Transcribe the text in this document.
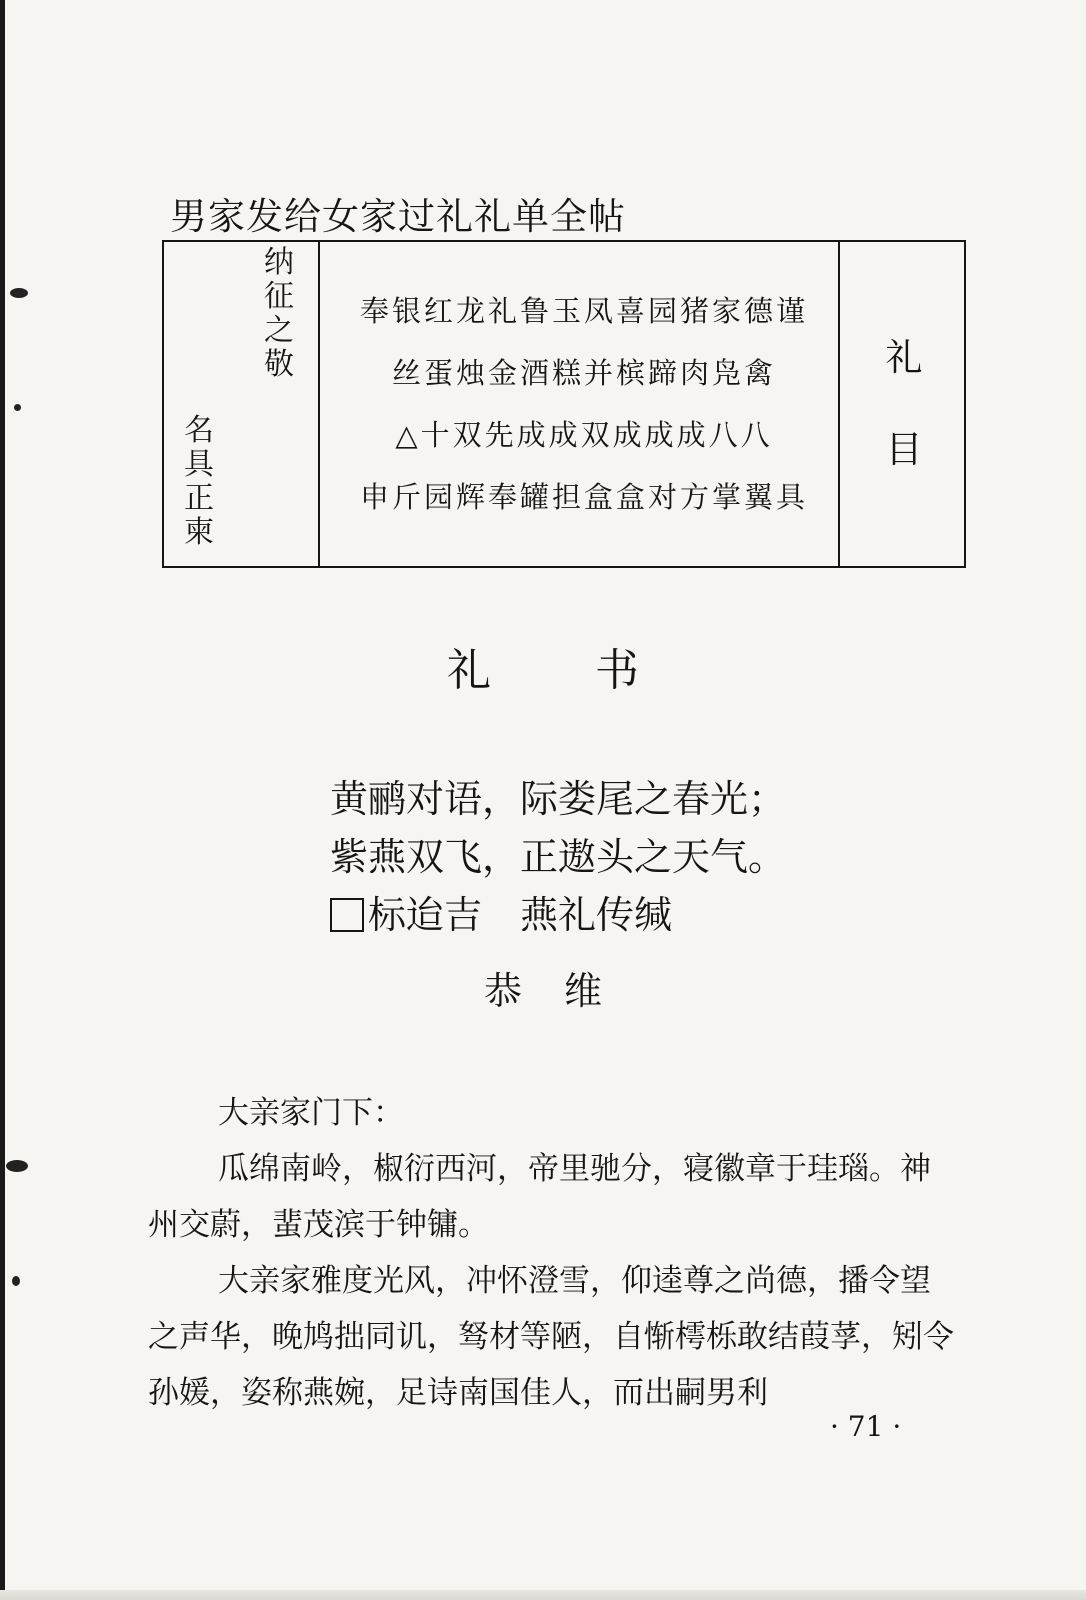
男家发给女家过礼礼单全帖
纳
征
之
敬
名
具
正
柬
奉银红龙礼鲁玉凤喜园猪家德谨
丝蛋烛金酒糕并槟蹄肉凫禽
△十双先成成双成成成八八
申斤园辉奉罐担盒盒对方掌翼具
礼
目
礼 书
黄鹂对语，际娄尾之春光；
紫燕双飞，正遨头之天气。
标迨吉　燕礼传缄
恭 维
大亲家门下：

瓜绵南岭，椒衍西河，帝里驰分，寝徽章于珪瑙。神州交蔚，蜚茂滨于钟镛。

大亲家雅度光风，冲怀澄雪，仰逵尊之尚德，播令望之声华，晚鸠拙同讥，驽材等陋，自惭樗栎敢结葭莩，矧令孙媛，姿称燕婉，足诗南国佳人，而出嗣男利

· 71 ·
